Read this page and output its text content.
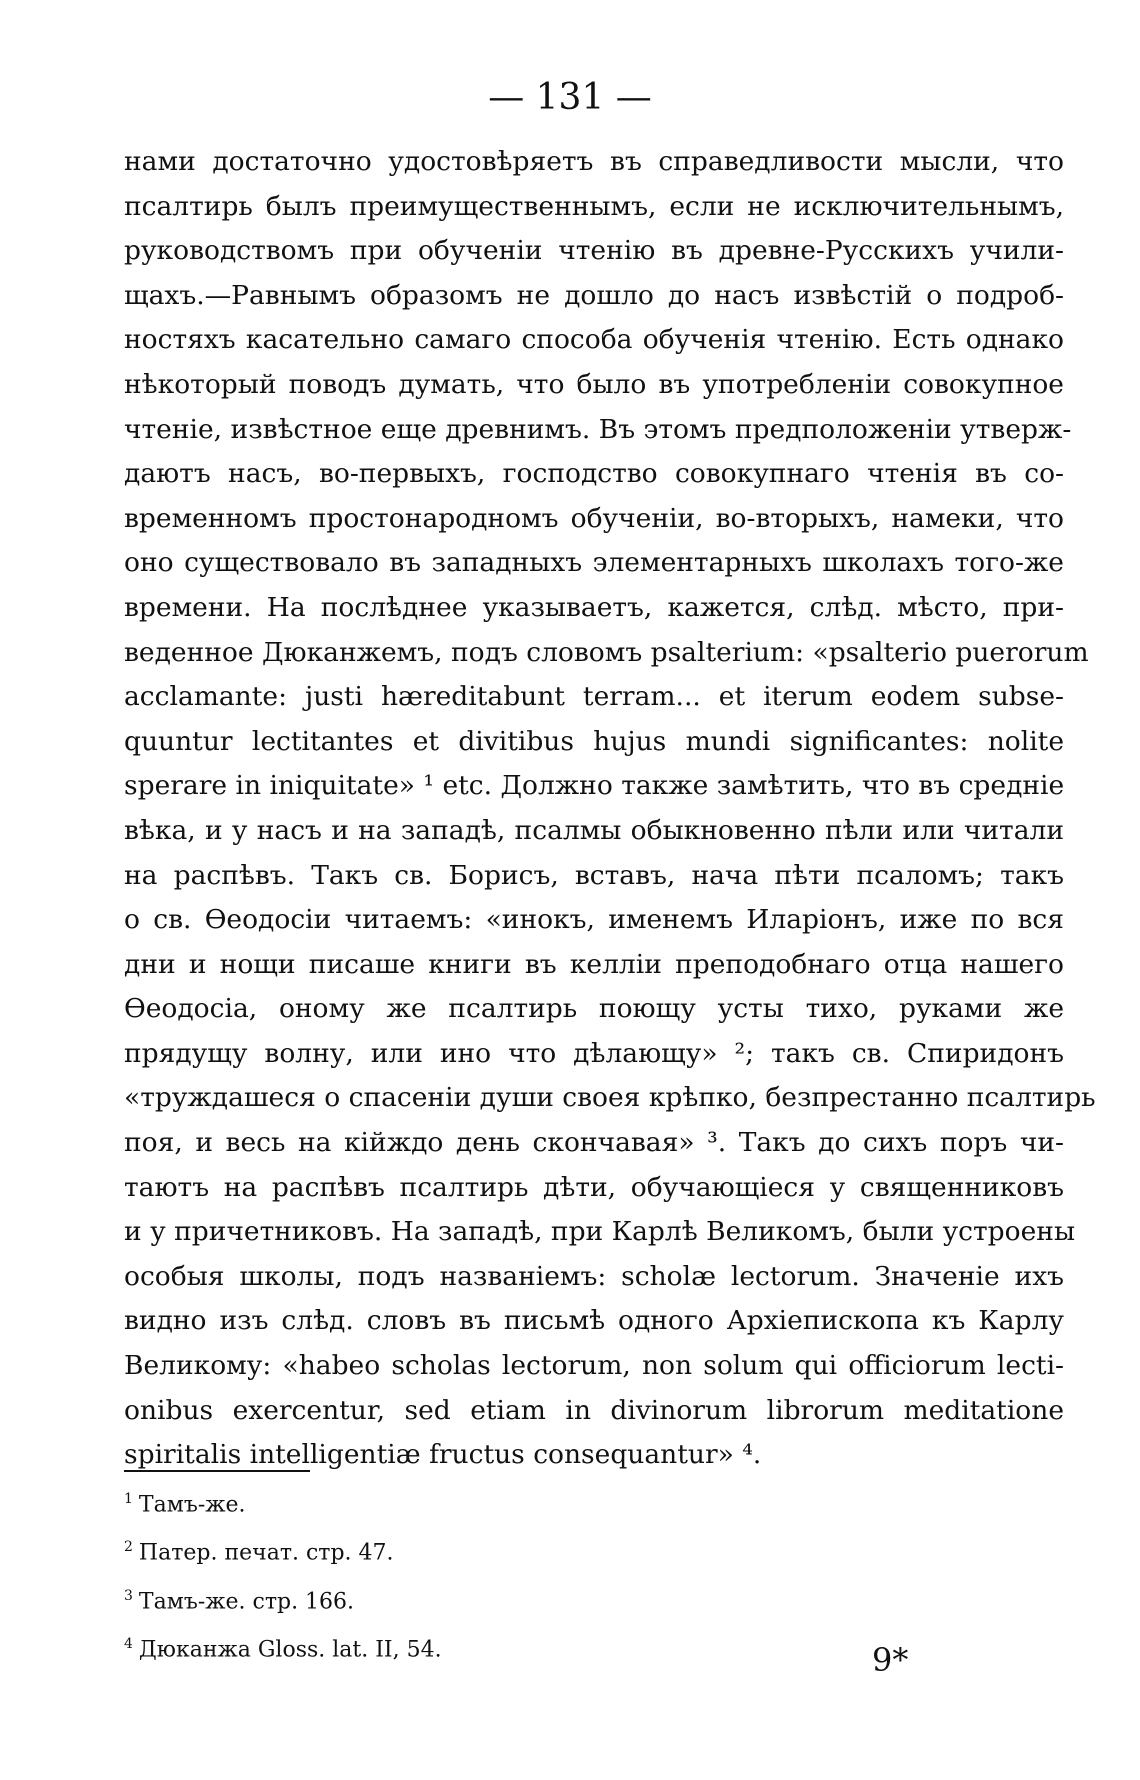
— 131 —
нами достаточно удостовѣряетъ въ справедливости мысли, что
псалтирь былъ преимущественнымъ, если не исключительнымъ,
руководствомъ при обученіи чтенію въ древне-Русскихъ учили-
щахъ.—Равнымъ образомъ не дошло до насъ извѣстій о подроб-
ностяхъ касательно самаго способа обученія чтенію. Есть однако
нѣкоторый поводъ думать, что было въ употребленіи совокупное
чтеніе, извѣстное еще древнимъ. Въ этомъ предположеніи утверж-
даютъ насъ, во-первыхъ, господство совокупнаго чтенія въ со-
временномъ простонародномъ обученіи, во-вторыхъ, намеки, что
оно существовало въ западныхъ элементарныхъ школахъ того-же
времени. На послѣднее указываетъ, кажется, слѣд. мѣсто, при-
веденное Дюканжемъ, подъ словомъ psalterium: «psalterio puerorum
acclamante: justi hæreditabunt terram... et iterum eodem subse-
quuntur lectitantes et divitibus hujus mundi significantes: nolite
sperare in iniquitate» ¹ etc. Должно также замѣтить, что въ средніе
вѣка, и у насъ и на западѣ, псалмы обыкновенно пѣли или читали
на распѣвъ. Такъ св. Борисъ, вставъ, нача пѣти псаломъ; такъ
о св. Ѳеодосіи читаемъ: «инокъ, именемъ Иларіонъ, иже по вся
дни и нощи писаше книги въ келліи преподобнаго отца нашего
Ѳеодосіа, оному же псалтирь поющу усты тихо, руками же
прядущу волну, или ино что дѣлающу» ²; такъ св. Спиридонъ
«труждашеся о спасеніи души своея крѣпко, безпрестанно псалтирь
поя, и весь на кійждо день скончавая» ³. Такъ до сихъ поръ чи-
таютъ на распѣвъ псалтирь дѣти, обучающіеся у священниковъ
и у причетниковъ. На западѣ, при Карлѣ Великомъ, были устроены
особыя школы, подъ названіемъ: scholæ lectorum. Значеніе ихъ
видно изъ слѣд. словъ въ письмѣ одного Архіепископа къ Карлу
Великому: «habeo scholas lectorum, non solum qui officiorum lecti-
onibus exercentur, sed etiam in divinorum librorum meditatione
spiritalis intelligentiæ fructus consequantur» ⁴.
$^1$ Тамъ-же.
$^2$ Патер. печат. стр. 47.
$^3$ Тамъ-же. стр. 166.
$^4$ Дюканжа Gloss. lat. II, 54.	9*
